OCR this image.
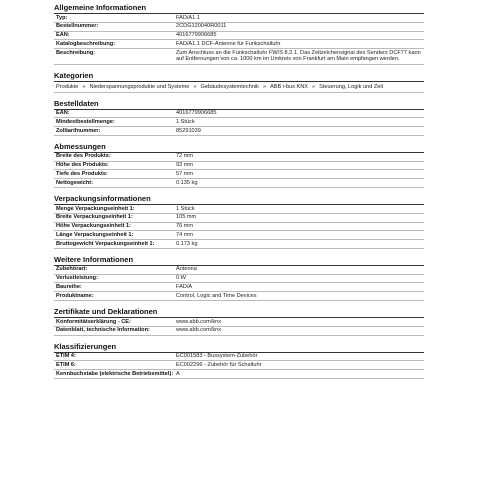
Allgemeine Informationen
Typ:	FAD/A1.1
Bestellnummer:	2CDG120040R0011
EAN:	4016779906685
Katalogbeschreibung:	FAD/A1.1 DCF-Antenne für Funkschaltuhr
Beschreibung:	Zum Anschluss an die Funkschaltuhr FW/S 8.2.1. Das Zeitzeichensignal des Senders DCF77 kann auf Entfernungen von ca. 1000 km im Umkreis von Frankfurt am Main empfangen werden.
Kategorien
Produkte » Niederspannungsprodukte und Systeme » Gebäudesystemtechnik » ABB i-bus KNX » Steuerung, Logik und Zeit
Bestelldaten
EAN:	4016779906685
Mindestbestellmenge:	1 Stück
Zolltarifnummer:	85291039
Abmessungen
Breite des Produkts:	72 mm
Höhe des Produkts:	93 mm
Tiefe des Produkts:	57 mm
Nettogewicht:	0.135 kg
Verpackungsinformationen
Menge Verpackungseinheit 1:	1 Stück
Breite Verpackungseinheit 1:	105 mm
Höhe Verpackungseinheit 1:	76 mm
Länge Verpackungseinheit 1:	74 mm
Bruttogewicht Verpackungseinheit 1:	0.173 kg
Weitere Informationen
Zubehörart:	Antenna
Verlustleistung:	0 W
Baureihe:	FAD/A
Produktname:	Control, Logic and Time Devices
Zertifikate und Deklarationen
Konformitätserklärung - CE:	www.abb.com/knx
Datenblatt, technische Information:	www.abb.com/knx
Klassifizierungen
ETIM 4:	EC001583 - Bussystem-Zubehör
ETIM 6:	EC002296 - Zubehör für Schaltuhr
Kennbuchstabe (elektrische Betriebsmittel):	A
